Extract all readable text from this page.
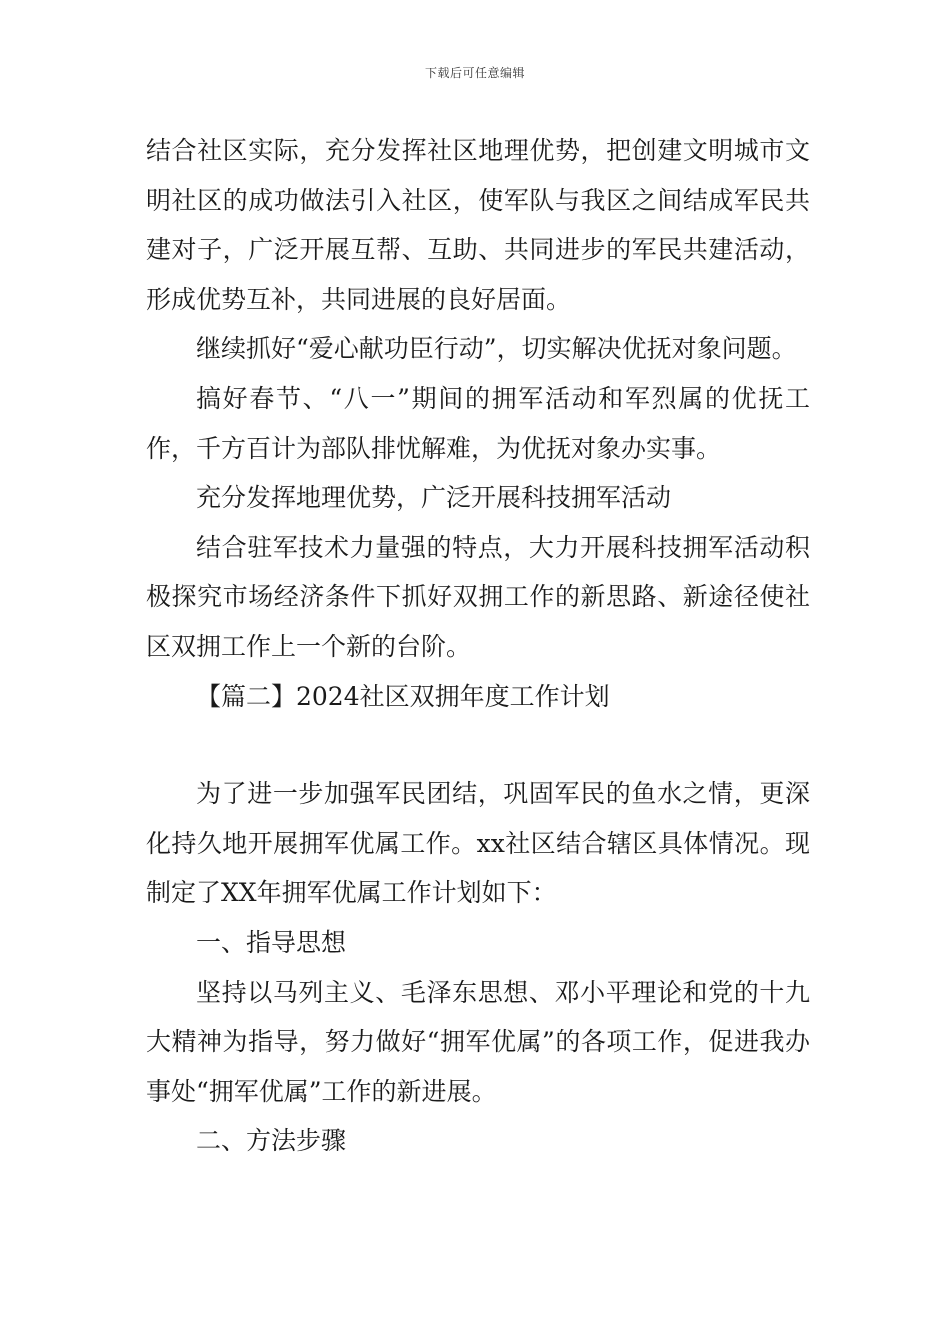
下载后可任意编辑

结合社区实际，充分发挥社区地理优势，把创建文明城市文明社区的成功做法引入社区，使军队与我区之间结成军民共建对子，广泛开展互帮、互助、共同进步的军民共建活动，形成优势互补，共同进展的良好居面。

继续抓好“爱心献功臣行动”，切实解决优抚对象问题。

搞好春节、“八一”期间的拥军活动和军烈属的优抚工作，千方百计为部队排忧解难，为优抚对象办实事。

充分发挥地理优势，广泛开展科技拥军活动

结合驻军技术力量强的特点，大力开展科技拥军活动积极探究市场经济条件下抓好双拥工作的新思路、新途径使社区双拥工作上一个新的台阶。

【篇二】2024社区双拥年度工作计划

为了进一步加强军民团结，巩固军民的鱼水之情，更深化持久地开展拥军优属工作。xx社区结合辖区具体情况。现制定了XX年拥军优属工作计划如下：

一、指导思想

坚持以马列主义、毛泽东思想、邓小平理论和党的十九大精神为指导，努力做好“拥军优属”的各项工作，促进我办事处“拥军优属”工作的新进展。

二、方法步骤
